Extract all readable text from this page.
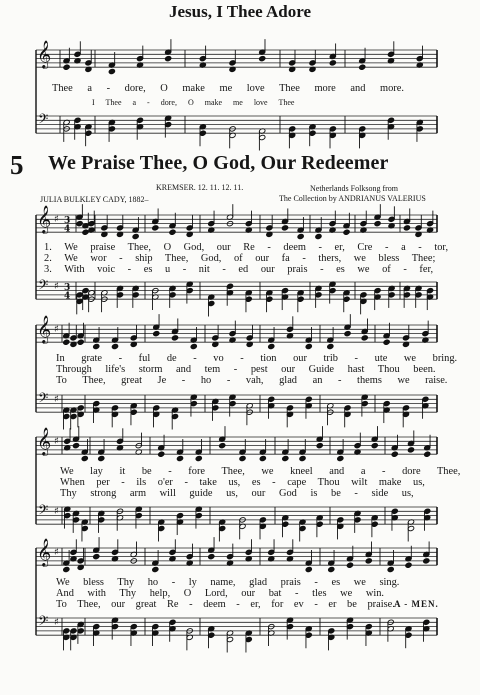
𝄞
𝄢
𝄞
𝄢
♯
♯
3
4
3
4
𝄞
𝄢
♯
♯
𝄞
𝄢
♯
♯
𝄞
𝄢
♯
♯
Jesus, I Thee Adore
Thee a - dore, O make me love Thee more and more.
I Thee a - dore, O make me love Thee
5 We Praise Thee, O God, Our Redeemer
KREMSER. 12. 11. 12. 11.
JULIA BULKLEY CADY, 1882–
Netherlands Folksong from
The Collection by ANDRIANUS VALERIUS
1. We praise Thee, O God, our Re - deem - er, Cre - a - tor,
2. We wor - ship Thee, God, of our fa - thers, we bless Thee;
3. With voic - es u - nit - ed our prais - es we of - fer,
In grate - ful de - vo - tion our trib - ute we bring.
Through life's storm and tem - pest our Guide hast Thou been.
To Thee, great Je - ho - vah, glad an - thems we raise.
We lay it be - fore Thee, we kneel and a - dore Thee,
When per - ils o'er - take us, es - cape Thou wilt make us,
Thy strong arm will guide us, our God is be - side us,
We bless Thy ho - ly name, glad prais - es we sing.
And with Thy help, O Lord, our bat - tles we win.
To Thee, our great Re - deem - er, for ev - er be praise. A - MEN.
